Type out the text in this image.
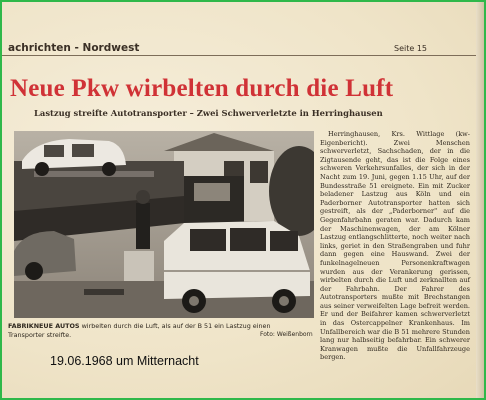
achrichten - Nordwest	Seite 15
Neue Pkw wirbelten durch die Luft
Lastzug streifte Autotransporter – Zwei Schwerverletzte in Herringhausen
Herringhausen, Krs. Wittlage (kw-Eigenbericht). Zwei Menschen schwerverletzt, Sachschaden, der in die Zigtausende geht, das ist die Folge eines schweren Verkehrsunfalles, der sich in der Nacht zum 19. Juni, gegen 1.15 Uhr, auf der Bundesstraße 51 ereignete. Ein mit Zucker beladener Lastzug aus Köln und ein Paderborner Autotransporter hatten sich gestreift, als der „Paderborner" auf die Gegenfahrbahn geraten war. Dadurch kam der Maschinenwagen, der am Kölner Lastzug entlangschlitterte, noch weiter nach links, geriet in den Straßengraben und fuhr dann gegen eine Hauswand. Zwei der funkelnagelneuen Personenkraftwagen wurden aus der Verankerung gerissen, wirbelten durch die Luft und zerknallten auf der Fahrbahn. Der Fahrer des Autotransporters mußte mit Brechstangen aus seiner verweifelten Lage befreit werden. Er und der Beifahrer kamen schwerverletzt in das Ostercappelner Krankenhaus. Im Unfallbereich war die B 51 mehrere Stunden lang nur halbseitig befahrbar. Ein schwerer Kranwagen mußte die Unfallfahrzeuge bergen.
FABRIKNEUE AUTOS wirbelten durch die Luft, als auf der B 51 ein Lastzug einen Transporter streifte.	Foto: Weißenborn
19.06.1968 um Mitternacht
